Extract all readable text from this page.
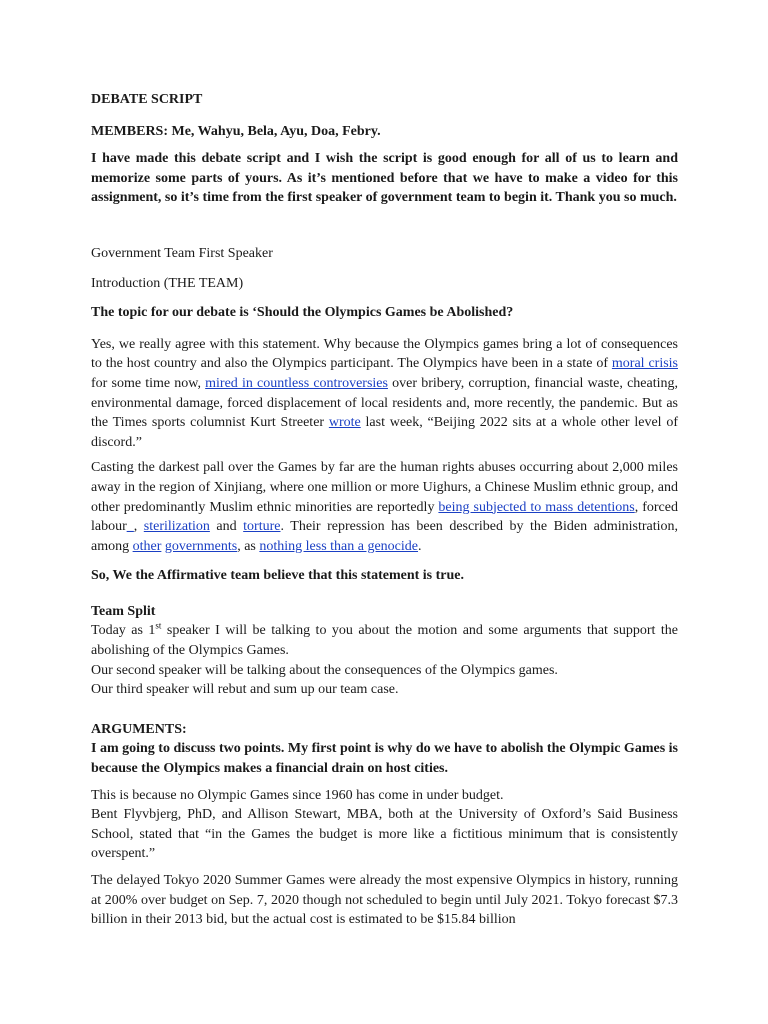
DEBATE SCRIPT

MEMBERS: Me, Wahyu, Bela, Ayu, Doa, Febry.

I have made this debate script and I wish the script is good enough for all of us to learn and memorize some parts of yours. As it’s mentioned before that we have to make a video for this assignment, so it’s time from the first speaker of government team to begin it. Thank you so much.

Government Team First Speaker

Introduction (THE TEAM)

The topic for our debate is ‘Should the Olympics Games be Abolished?

Yes, we really agree with this statement. Why because the Olympics games bring a lot of consequences to the host country and also the Olympics participant. The Olympics have been in a state of moral crisis for some time now, mired in countless controversies over bribery, corruption, financial waste, cheating, environmental damage, forced displacement of local residents and, more recently, the pandemic. But as the Times sports columnist Kurt Streeter wrote last week, “Beijing 2022 sits at a whole other level of discord.”

Casting the darkest pall over the Games by far are the human rights abuses occurring about 2,000 miles away in the region of Xinjiang, where one million or more Uighurs, a Chinese Muslim ethnic group, and other predominantly Muslim ethnic minorities are reportedly being subjected to mass detentions, forced labour_, sterilization and torture. Their repression has been described by the Biden administration, among other governments, as nothing less than a genocide.

So, We the Affirmative team believe that this statement is true.

Team Split

Today as 1st speaker I will be talking to you about the motion and some arguments that support the abolishing of the Olympics Games.

Our second speaker will be talking about the consequences of the Olympics games.

Our third speaker will rebut and sum up our team case.

ARGUMENTS:

I am going to discuss two points. My first point is why do we have to abolish the Olympic Games is because the Olympics makes a financial drain on host cities.

This is because no Olympic Games since 1960 has come in under budget.

Bent Flyvbjerg, PhD, and Allison Stewart, MBA, both at the University of Oxford’s Said Business School, stated that “in the Games the budget is more like a fictitious minimum that is consistently overspent.”

The delayed Tokyo 2020 Summer Games were already the most expensive Olympics in history, running at 200% over budget on Sep. 7, 2020 though not scheduled to begin until July 2021. Tokyo forecast $7.3 billion in their 2013 bid, but the actual cost is estimated to be $15.84 billion
